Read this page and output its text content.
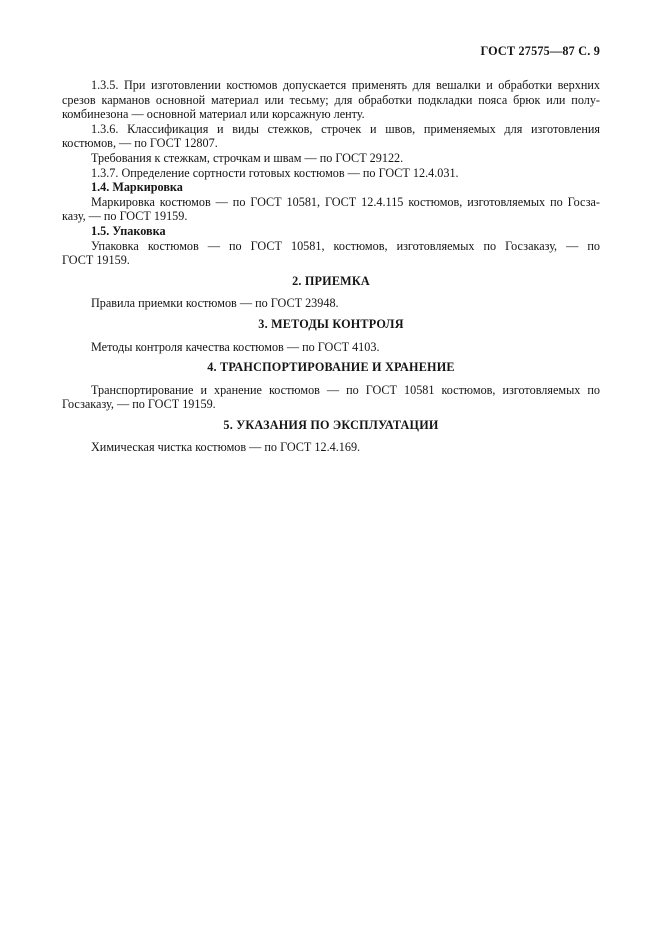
ГОСТ 27575—87 С. 9

1.3.5. При изготовлении костюмов допускается применять для вешалки и обработки верхних
срезов карманов основной материал или тесьму; для обработки подкладки пояса брюк или полу-
комбинезона — основной материал или корсажную ленту.

1.3.6. Классификация и виды стежков, строчек и швов, применяемых для изготовления
костюмов, — по ГОСТ 12807.

Требования к стежкам, строчкам и швам — по ГОСТ 29122.

1.3.7. Определение сортности готовых костюмов — по ГОСТ 12.4.031.

1.4. Маркировка

Маркировка костюмов — по ГОСТ 10581, ГОСТ 12.4.115 костюмов, изготовляемых по Госза-
казу, — по ГОСТ 19159.

1.5. Упаковка

Упаковка костюмов — по ГОСТ 10581, костюмов, изготовляемых по Госзаказу, — по
ГОСТ 19159.

2. ПРИЕМКА

Правила приемки костюмов — по ГОСТ 23948.

3. МЕТОДЫ КОНТРОЛЯ

Методы контроля качества костюмов — по ГОСТ 4103.

4. ТРАНСПОРТИРОВАНИЕ И ХРАНЕНИЕ

Транспортирование и хранение костюмов — по ГОСТ 10581 костюмов, изготовляемых по
Госзаказу, — по ГОСТ 19159.

5. УКАЗАНИЯ ПО ЭКСПЛУАТАЦИИ

Химическая чистка костюмов — по ГОСТ 12.4.169.
